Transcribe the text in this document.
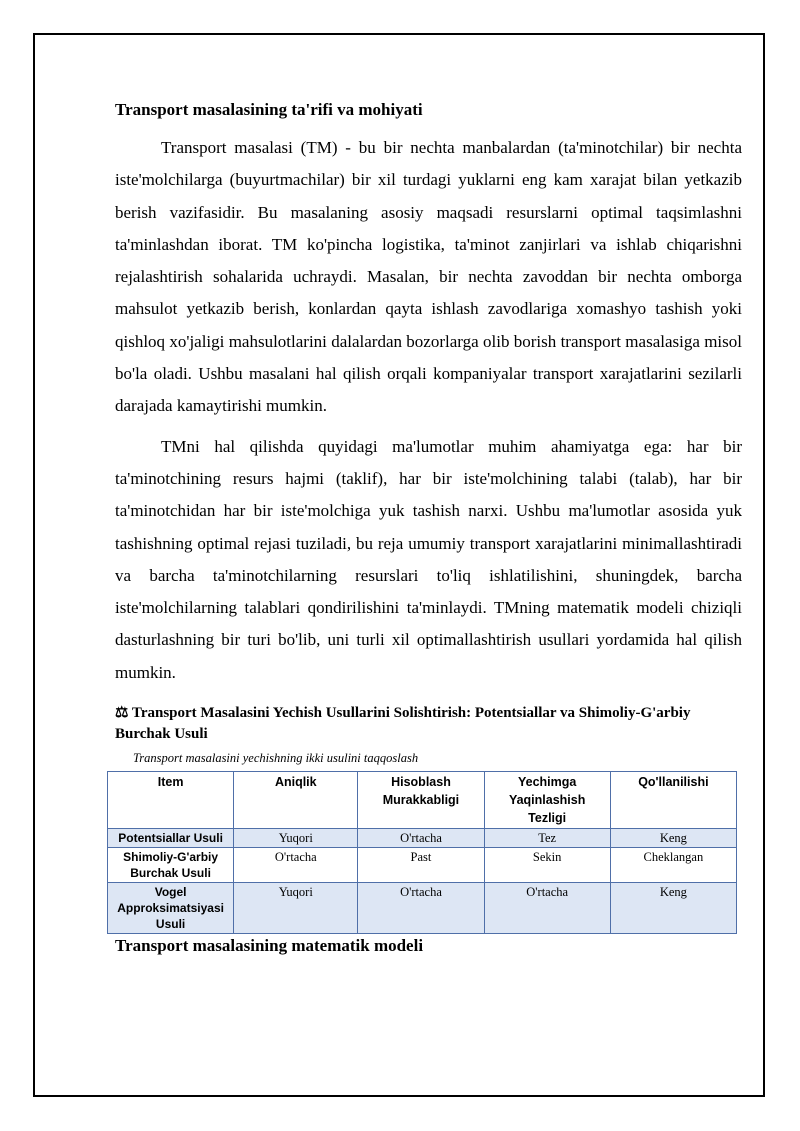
Transport masalasining ta'rifi va mohiyati

Transport masalasi (TM) - bu bir nechta manbalardan (ta'minotchilar) bir nechta iste'molchilarga (buyurtmachilar) bir xil turdagi yuklarni eng kam xarajat bilan yetkazib berish vazifasidir. Bu masalaning asosiy maqsadi resurslarni optimal taqsimlashni ta'minlashdan iborat. TM ko'pincha logistika, ta'minot zanjirlari va ishlab chiqarishni rejalashtirish sohalarida uchraydi. Masalan, bir nechta zavoddan bir nechta omborga mahsulot yetkazib berish, konlardan qayta ishlash zavodlariga xomashyo tashish yoki qishloq xo'jaligi mahsulotlarini dalalardan bozorlarga olib borish transport masalasiga misol bo'la oladi. Ushbu masalani hal qilish orqali kompaniyalar transport xarajatlarini sezilarli darajada kamaytirishi mumkin.

TMni hal qilishda quyidagi ma'lumotlar muhim ahamiyatga ega: har bir ta'minotchining resurs hajmi (taklif), har bir iste'molchining talabi (talab), har bir ta'minotchidan har bir iste'molchiga yuk tashish narxi. Ushbu ma'lumotlar asosida yuk tashishning optimal rejasi tuziladi, bu reja umumiy transport xarajatlarini minimallashtiradi va barcha ta'minotchilarning resurslari to'liq ishlatilishini, shuningdek, barcha iste'molchilarning talablari qondirilishini ta'minlaydi. TMning matematik modeli chiziqli dasturlashning bir turi bo'lib, uni turli xil optimallashtirish usullari yordamida hal qilish mumkin.

⚖ Transport Masalasini Yechish Usullarini Solishtirish: Potentsiallar va Shimoliy-G'arbiy Burchak Usuli
Transport masalasini yechishning ikki usulini taqqoslash
Item	Aniqlik	Hisoblash Murakkabligi	Yechimga Yaqinlashish Tezligi	Qo'llanilishi
Potentsiallar Usuli	Yuqori	O'rtacha	Tez	Keng
Shimoliy-G'arbiy Burchak Usuli	O'rtacha	Past	Sekin	Cheklangan
Vogel Approksimatsiyasi Usuli	Yuqori	O'rtacha	O'rtacha	Keng
Transport masalasining matematik modeli
